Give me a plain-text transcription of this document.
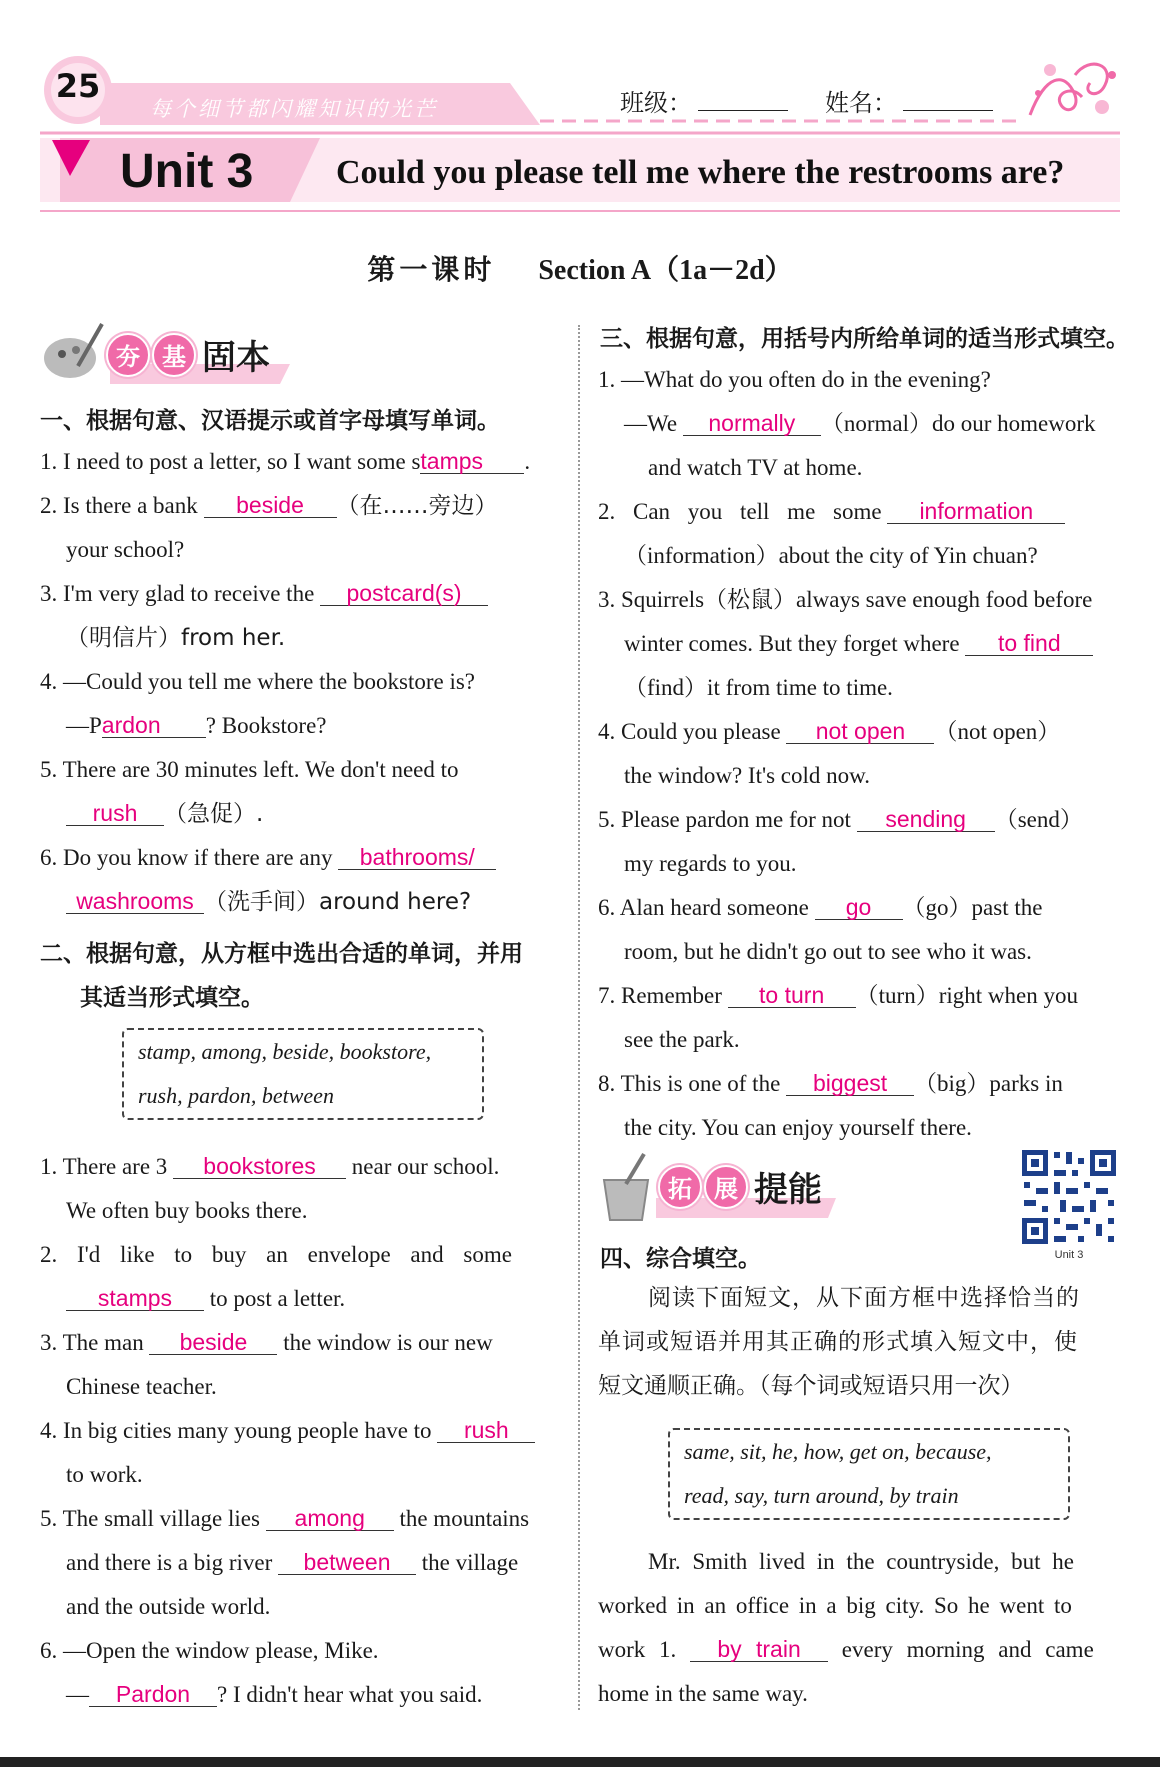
25
每个细节都闪耀知识的光芒	班级：	姓名：
Unit 3 Could you please tell me where the restrooms are?
第一课时 Section A（1a－2d）
夯 基 固本
一、根据句意、汉语提示或首字母填写单词。
1. I need to post a letter, so I want some stamps .
2. Is there a bank beside （在……旁边）
your school?
3. I'm very glad to receive the postcard(s)
（明信片）from her.
4. —Could you tell me where the bookstore is?
—Pardon ? Bookstore?
5. There are 30 minutes left. We don't need to
rush （急促）.
6. Do you know if there are any bathrooms/
washrooms （洗手间）around here?
二、根据句意，从方框中选出合适的单词，并用
其适当形式填空。
stamp, among, beside, bookstore,
rush, pardon, between
1. There are 3 bookstores near our school.
We often buy books there.
2. I'd like to buy an envelope and some
stamps to post a letter.
3. The man beside the window is our new
Chinese teacher.
4. In big cities many young people have to rush
to work.
5. The small village lies among the mountains
and there is a big river between the village
and the outside world.
6. —Open the window please, Mike.
— Pardon ? I didn't hear what you said.
三、根据句意，用括号内所给单词的适当形式填空。
1. —What do you often do in the evening?
—We normally （normal）do our homework
and watch TV at home.
2. Can you tell me some information
（information）about the city of Yin chuan?
3. Squirrels（松鼠）always save enough food before
winter comes. But they forget where to find
（find）it from time to time.
4. Could you please not open （not open）
the window? It's cold now.
5. Please pardon me for not sending （send）
my regards to you.
6. Alan heard someone go （go）past the
room, but he didn't go out to see who it was.
7. Remember to turn （turn）right when you
see the park.
8. This is one of the biggest （big）parks in
the city. You can enjoy yourself there.
拓 展 提能
Unit 3
四、综合填空。
阅读下面短文，从下面方框中选择恰当的
单词或短语并用其正确的形式填入短文中，使
短文通顺正确。（每个词或短语只用一次）
same, sit, he, how, get on, because,
read, say, turn around, by train
Mr. Smith lived in the countryside, but he
worked in an office in a big city. So he went to
work 1. by train every morning and came
home in the same way.
